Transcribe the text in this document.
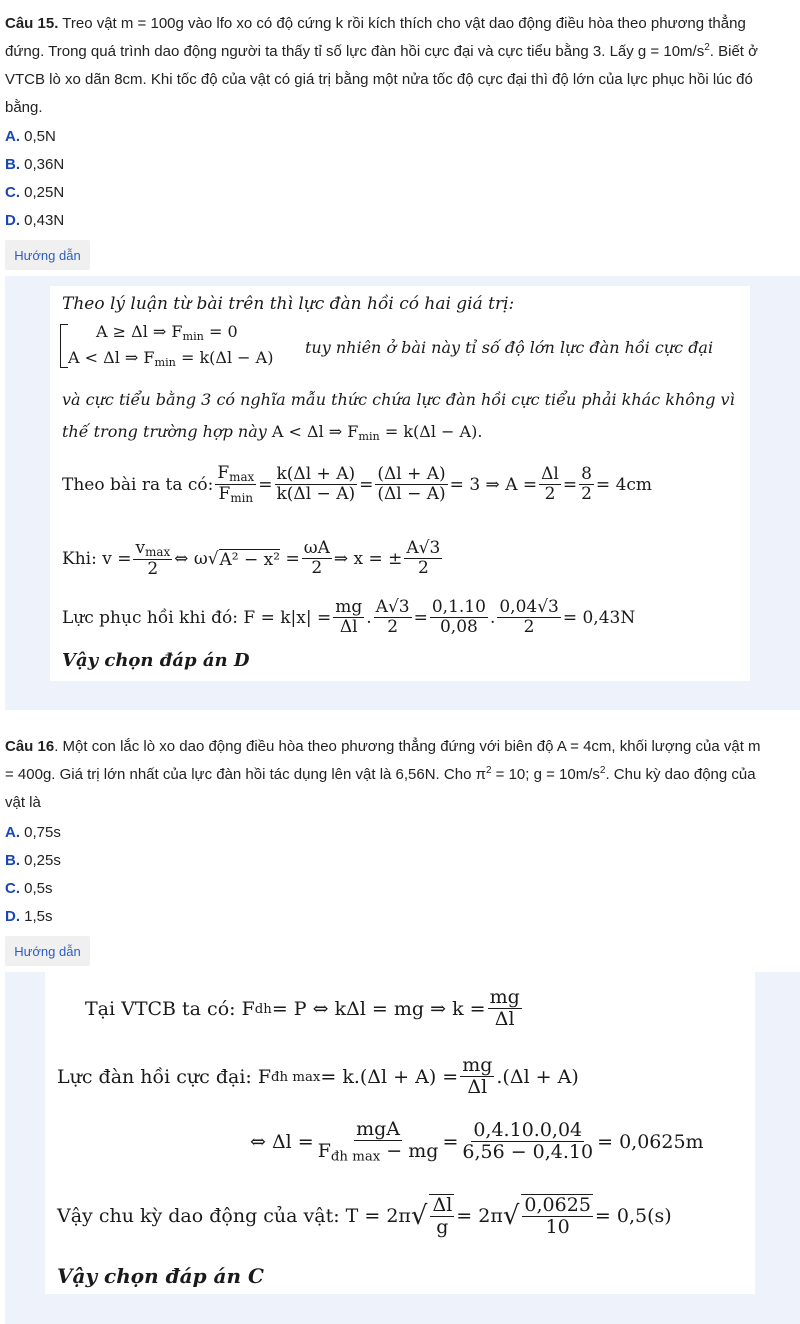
Câu 15. Treo vật m = 100g vào lfo xo có độ cứng k rồi kích thích cho vật dao động điều hòa theo phương thẳng
đứng. Trong quá trình dao động người ta thấy tỉ số lực đàn hồi cực đại và cực tiểu bằng 3. Lấy $g = 10m/s^2$. Biết ở
VTCB lò xo dãn 8cm. Khi tốc độ của vật có giá trị bằng một nửa tốc độ cực đại thì độ lớn của lực phục hồi lúc đó
bằng.
A. 0,5N
B. 0,36N
C. 0,25N
D. 0,43N
Hướng dẫn
Theo lý luận từ bài trên thì lực đàn hồi có hai giá trị:
A ≥ Δl ⇒ $F_{min} = 0$
A < Δl ⇒ $F_{min} = k(\Delta l - A)$
tuy nhiên ở bài này tỉ số độ lớn lực đàn hồi cực đại
và cực tiểu bằng 3 có nghĩa mẫu thức chứa lực đàn hồi cực tiểu phải khác không vì
thế trong trường hợp này A < Δl ⇒ $F_{min} = k(\Delta l - A)$.
Theo bài ra ta có: $\frac{F_{max}}{F_{min}} = \frac{k(\Delta l + A)}{k(\Delta l - A)} = \frac{(\Delta l + A)}{(\Delta l - A)} = 3$ ⇒ $A = \frac{\Delta l}{2} = \frac{8}{2} = 4cm$
Khi: $v = \frac{v_{max}}{2}$ ⇔ ω √ $A^2 - x^2 = \frac{\omega A}{2}$ ⇒ x = ± $\frac{A√3}{2}$
Lực phục hồi khi đó: $F = k|x| = \frac{mg}{\Delta l}$ . $\frac{A√3}{2} = \frac{0,1.10}{0,08}$ . $\frac{0,04√3}{2} = 0,43N$
Vậy chọn đáp án D
Câu 16. Một con lắc lò xo dao động điều hòa theo phương thẳng đứng với biên độ A = 4cm, khối lượng của vật m
= 400g. Giá trị lớn nhất của lực đàn hồi tác dụng lên vật là 6,56N. Cho $\pi^2 = 10$; $g = 10m/s^2$. Chu kỳ dao động của
vật là
A. 0,75s
B. 0,25s
C. 0,5s
D. 1,5s
Hướng dẫn
Tại VTCB ta có: F dh = P ⇔ kΔl = mg ⇒ $k = \frac{mg}{\Delta l}$
Lực đàn hồi cực đại: F đh $\max = k.(\Delta l + A) = \frac{mg}{\Delta l} .(\Delta l + A)$
⇔ $\Delta l = \frac{\text{mgA}}{F_{đh max} - mg} = \frac{0,4.10.0,04}{6,56 - 0,4.10} = 0,0625m$
Vậy chu kỳ dao động của vật: T = 2π √ $\frac{\Delta l}{g} = 2\pi$ √ $\frac{0,0625}{10} = 0,5(s)$
Vậy chọn đáp án C
